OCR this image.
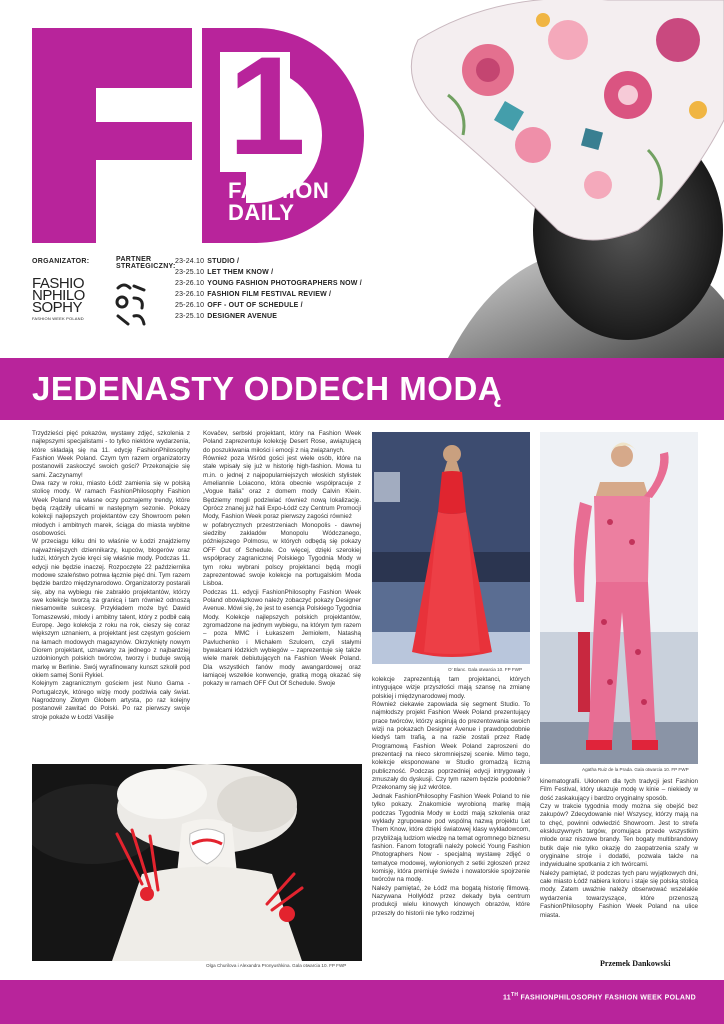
1
FASHION
DAILY
ORGANIZATOR:
FASHIO
NPHILO
SOPHY
FASHION WEEK POLAND
PARTNER
STRATEGICZNY:
23-24.10 STUDIO /
23-25.10 LET THEM KNOW /
23-26.10 YOUNG FASHION PHOTOGRAPHERS NOW /
23-26.10 FASHION FILM FESTIVAL REVIEW /
25-26.10 OFF - OUT OF SCHEDULE /
23-25.10 DESIGNER AVENUE
JEDENASTY ODDECH MODĄ
Trzydzieści pięć pokazów, wystawy zdjęć, szkolenia z najlepszymi specjalistami - to tylko niektóre wydarzenia, które składają się na 11. edycję FashionPhilosophy Fashion Week Poland. Czym tym razem organizatorzy postanowili zaskoczyć swoich gości? Przekonajcie się sami. Zaczynamy!
Dwa razy w roku, miasto Łódź zamienia się w polską stolicę mody. W ramach FashionPhilosophy Fashion Week Poland na własne oczy poznajemy trendy, które będą rządziły ulicami w następnym sezonie. Pokazy kolekcji najlepszych projektantów czy Showroom pełen młodych i ambitnych marek, ściąga do miasta wybitne osobowości.
W przeciągu kilku dni to właśnie w Łodzi znajdziemy najważniejszych dziennikarzy, kupców, blogerów oraz ludzi, których życie kręci się właśnie mody. Podczas 11. edycji nie będzie inaczej. Rozpoczęte 22 października modowe szaleństwo potrwa łącznie pięć dni. Tym razem będzie bardzo międzynarodowo. Organizatorzy postarali się, aby na wybiegu nie zabrakło projektantów, którzy swe kolekcje tworzą za granicą i tam również odnoszą niesamowite sukcesy. Przykładem może być Dawid Tomaszewski, młody i ambitny talent, który z podbił całą Europę. Jego kolekcja z roku na rok, cieszy się coraz większym uznaniem, a projektant jest częstym gościem na łamach modowych magazynów. Okrzyknięty nowym Diorem projektant, uznawany za jednego z najbardziej uzdolnionych polskich twórców, tworzy i buduje swoją markę w Berlinie. Swój wyrafinowany kunszt szkolił pod okiem samej Sonii Rykiel.
Kolejnym zagranicznym gościem jest Nuno Gama - Portugalczyk, którego wizję mody podziwia cały świat. Nagrodzony Złotym Globem artysta, po raz kolejny postanowił zawitać do Polski. Po raz pierwszy swoje stroje pokaże w Łodzi Vasilije
Kovačev, serbski projektant, który na Fashion Week Poland zaprezentuje kolekcję Desert Rose, awiązującą do poszukiwania miłości i emocji z nią związanych.
Również poza Wśród gości jest wiele osób, które na stałe wpisały się już w historię high-fashion. Mowa tu m.in. o jednej z najpopularniejszych włoskich stylistek Ameliannie Loiacono, która obecnie współpracuje z „Vogue Italia” oraz z domem mody Calvin Klein. Będziemy mogli podziwiać również nową lokalizację. Oprócz znanej już hali Expo-Łódź czy Centrum Promocji Mody, Fashion Week poraz pierwszy zagości również
w pofabrycznych przestrzeniach Monopolis - dawnej siedziby zakładów Monopolu Wódczanego, późniejszego Polmosu, w których odbędą się pokazy OFF Out of Schedule. Co więcej, dzięki szerokiej współpracy zagranicznej Polskiego Tygodnia Mody w tym roku wybrani polscy projektanci będą mogli zaprezentować swoje kolekcje na portugalskim Moda Lisboa.
Podczas 11. edycji FashionPhilosophy Fashion Week Poland obowiązkowo należy zobaczyć pokazy Designer Avenue. Mówi się, że jest to esencja Polskiego Tygodnia Mody. Kolekcje najlepszych polskich projektantów, zgromadzone na jednym wybiegu, na którym tym razem – poza MMC i Łukaszem Jemiołem, Natashą Pavluchenko i Michałem Szulcem, czyli stałymi bywalcami łódzkich wybiegów – zaprezentuje się także wiele marek debiutujących na Fashion Week Poland. Dla wszystkich fanów mody awangardowej oraz łamiącej wszelkie konwencje, gratką mogą okazać się pokazy w ramach OFF Out Of Schedule. Swoje
kolekcje zaprezentują tam projektanci, których intrygujące wizje przyszłości mają szansę na zmianę polskiej i międzynarodowej mody.
Również ciekawie zapowiada się segment Studio. To najmłodszy projekt Fashion Week Poland prezentujący prace twórców, którzy aspirują do prezentowania swoich wizji na pokazach Designer Avenue i prawdopodobnie kiedyś tam trafią, a na razie zostali przez Radę Programową Fashion Week Poland zaproszeni do prezentacji na nieco skromniejszej scenie. Mimo tego, kolekcje eksponowane w Studio gromadzą liczną publiczność. Podczas poprzedniej edycji intrygowały i zmuszały do dyskusji. Czy tym razem będzie podobnie? Przekonamy się już wkrótce.
Jednak FashionPhilosophy Fashion Week Poland to nie tylko pokazy. Znakomicie wyrobioną markę mają podczas Tygodnia Mody w Łodzi mają szkolenia oraz wykłady zgrupowane pod wspólną nazwą projektu Let Them Know, które dzięki światowej klasy wykładowcom, przybliżają ludziom wiedzę na temat ogromnego biznesu fashion. Fanom fotografii należy polecić Young Fashion Photographers Now - specjalną wystawę zdjęć o tematyce modowej, wyłonionych z setki zgłoszeń przez komisję, która premiuje świeże i nowatorskie spojrzenie twórców na modę.
Należy pamiętać, że Łódź ma bogatą historię filmową. Nazywana Hollyłódź przez dekady była centrum produkcji wielu kinowych kinowych obrazów, które przeszły do historii nie tylko rodzimej
kinematografii. Ukłonem dla tych tradycji jest Fashion Film Festival, który ukazuje modę w kinie – niekiedy w dość zaskakujący i bardzo oryginalny sposób.
Czy w trakcie tygodnia mody można się obejść bez zakupów? Zdecydowanie nie! Wszyscy, którzy mają na to chęć, powinni odwiedzić Showroom. Jest to strefa ekskluzywnych targów, promująca przede wszystkim młode oraz niszowe brandy. Ten bogaty multibrandowy butik daje nie tylko okazję do zaopatrzenia szafy w oryginalne stroje i dodatki, pozwala także na indywidualne spotkania z ich twórcami.
Należy pamiętać, iż podczas tych paru wyjątkowych dni, całe miasto Łódź nabiera koloru i staje się polską stolicą mody. Zatem uważnie należy obserwować wszelakie wydarzenia towarzyszące, które przenoszą FashionPhilosophy Fashion Week Poland na ulice miasta.
Przemek Dankowski
O' Blanc. Gala otwarcia 10. FP FWP
Agatha Ruiz de la Prada. Gala otwarcia 10. FP FWP
Olga Churilova i Alexandra Pronyushkina. Gala otwarcia 10. FP FWP
11TH FASHIONPHILOSOPHY FASHION WEEK POLAND
